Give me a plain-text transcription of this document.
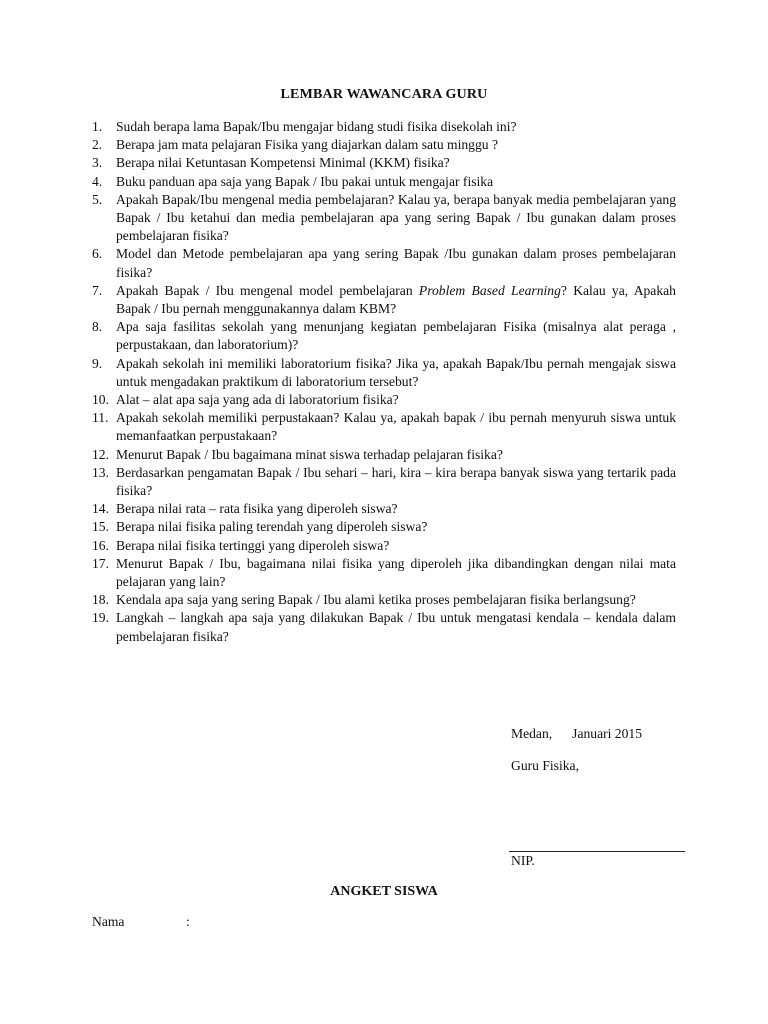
LEMBAR WAWANCARA GURU
1.	Sudah berapa lama Bapak/Ibu mengajar bidang studi fisika disekolah ini?
2.	Berapa jam mata pelajaran Fisika yang diajarkan dalam satu minggu ?
3.	Berapa nilai Ketuntasan Kompetensi Minimal (KKM) fisika?
4.	Buku panduan apa saja yang Bapak / Ibu pakai untuk mengajar fisika
5.	Apakah Bapak/Ibu mengenal media pembelajaran? Kalau ya, berapa banyak media pembelajaran yang Bapak / Ibu ketahui dan media pembelajaran apa yang sering Bapak / Ibu gunakan dalam proses pembelajaran fisika?
6.	Model dan Metode pembelajaran apa yang sering Bapak /Ibu gunakan dalam proses pembelajaran fisika?
7.	Apakah Bapak / Ibu mengenal model pembelajaran Problem Based Learning? Kalau ya, Apakah Bapak / Ibu pernah menggunakannya dalam KBM?
8.	Apa saja fasilitas sekolah yang menunjang kegiatan pembelajaran Fisika (misalnya alat peraga , perpustakaan, dan laboratorium)?
9.	Apakah sekolah ini memiliki laboratorium fisika? Jika ya, apakah Bapak/Ibu pernah mengajak siswa untuk mengadakan praktikum di laboratorium tersebut?
10. Alat – alat apa saja yang ada di laboratorium fisika?
11. Apakah sekolah memiliki perpustakaan? Kalau ya, apakah bapak / ibu pernah menyuruh siswa untuk memanfaatkan perpustakaan?
12. Menurut Bapak / Ibu bagaimana minat siswa terhadap pelajaran fisika?
13. Berdasarkan pengamatan Bapak / Ibu sehari – hari, kira – kira berapa banyak siswa yang tertarik pada fisika?
14. Berapa nilai rata – rata fisika yang diperoleh siswa?
15. Berapa nilai fisika paling terendah yang diperoleh siswa?
16. Berapa nilai fisika tertinggi yang diperoleh siswa?
17. Menurut Bapak / Ibu, bagaimana nilai fisika yang diperoleh jika dibandingkan dengan nilai mata pelajaran yang lain?
18. Kendala apa saja yang sering Bapak / Ibu alami ketika proses pembelajaran fisika berlangsung?
19. Langkah – langkah apa saja yang dilakukan Bapak / Ibu untuk mengatasi kendala – kendala dalam pembelajaran fisika?
Medan, Januari 2015
Guru Fisika,
NIP.
ANGKET SISWA
Nama	:
